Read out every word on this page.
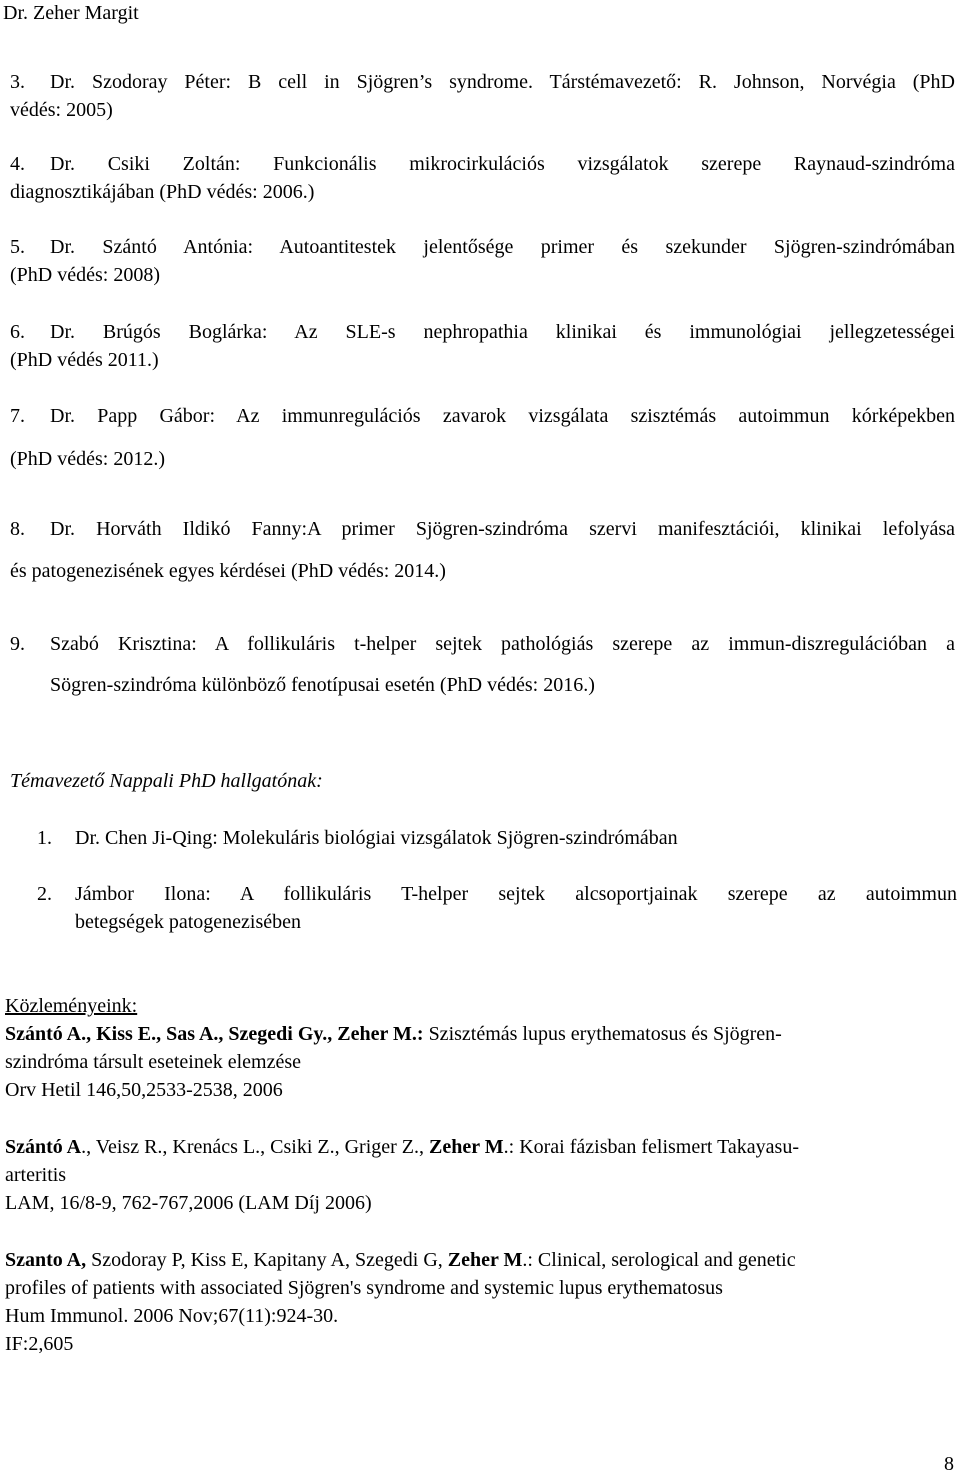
Dr. Zeher Margit
3. Dr. Szodoray Péter: B cell in Sjögren’s syndrome. Társtémavezető: R. Johnson, Norvégia (PhD
védés: 2005)
4. Dr. Csiki Zoltán: Funkcionális mikrocirkulációs vizsgálatok szerepe Raynaud-szindróma
diagnosztikájában (PhD védés: 2006.)
5. Dr. Szántó Antónia: Autoantitestek jelentősége primer és szekunder Sjögren-szindrómában
(PhD védés: 2008)
6. Dr. Brúgós Boglárka: Az SLE-s nephropathia klinikai és immunológiai jellegzetességei
(PhD védés 2011.)
7. Dr. Papp Gábor: Az immunregulációs zavarok vizsgálata szisztémás autoimmun kórképekben
(PhD védés: 2012.)
8. Dr. Horváth Ildikó Fanny:A primer Sjögren-szindróma szervi manifesztációi, klinikai lefolyása
és patogenezisének egyes kérdései (PhD védés: 2014.)
9. Szabó Krisztina: A follikuláris t-helper sejtek pathológiás szerepe az immun-diszregulációban a
Sögren-szindróma különböző fenotípusai esetén (PhD védés: 2016.)
Témavezető Nappali PhD hallgatónak:
1. Dr. Chen Ji-Qing: Molekuláris biológiai vizsgálatok Sjögren-szindrómában
2. Jámbor Ilona: A follikuláris T-helper sejtek alcsoportjainak szerepe az autoimmun
betegségek patogenezisében
Közleményeink:
Szántó A., Kiss E., Sas A., Szegedi Gy., Zeher M.: Szisztémás lupus erythematosus és Sjögren-
szindróma társult eseteinek elemzése
Orv Hetil 146,50,2533-2538, 2006
Szántó A., Veisz R., Krenács L., Csiki Z., Griger Z., Zeher M.: Korai fázisban felismert Takayasu-
arteritis
LAM, 16/8-9, 762-767,2006 (LAM Díj 2006)
Szanto A, Szodoray P, Kiss E, Kapitany A, Szegedi G, Zeher M.: Clinical, serological and genetic
profiles of patients with associated Sjögren's syndrome and systemic lupus erythematosus
Hum Immunol. 2006 Nov;67(11):924-30.
IF:2,605
8
